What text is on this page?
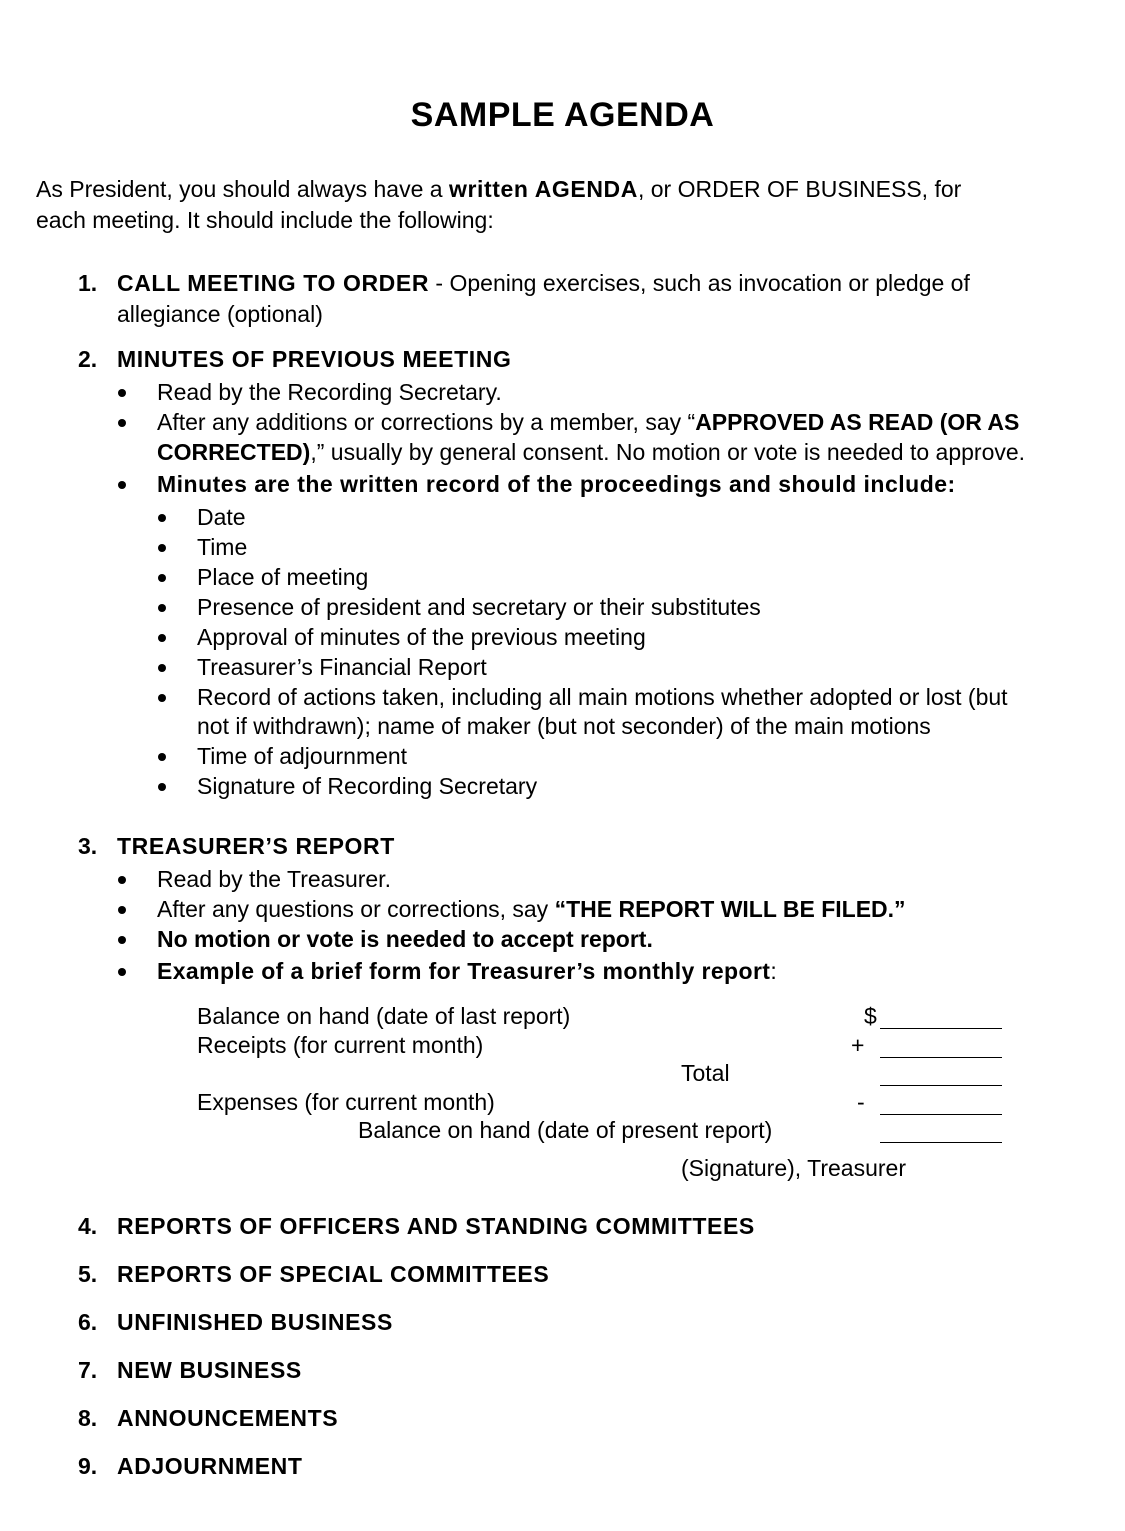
SAMPLE AGENDA
As President, you should always have a written AGENDA, or ORDER OF BUSINESS, for
each meeting. It should include the following:
1. CALL MEETING TO ORDER - Opening exercises, such as invocation or pledge of
allegiance (optional)
2. MINUTES OF PREVIOUS MEETING
Read by the Recording Secretary.
After any additions or corrections by a member, say “APPROVED AS READ (OR AS
CORRECTED),” usually by general consent. No motion or vote is needed to approve.
Minutes are the written record of the proceedings and should include:
Date
Time
Place of meeting
Presence of president and secretary or their substitutes
Approval of minutes of the previous meeting
Treasurer’s Financial Report
Record of actions taken, including all main motions whether adopted or lost (but
not if withdrawn); name of maker (but not seconder) of the main motions
Time of adjournment
Signature of Recording Secretary
3. TREASURER’S REPORT
Read by the Treasurer.
After any questions or corrections, say “THE REPORT WILL BE FILED.”
No motion or vote is needed to accept report.
Example of a brief form for Treasurer’s monthly report:
Balance on hand (date of last report)	$
Receipts (for current month)	+
Total
Expenses (for current month)	-
Balance on hand (date of present report)
(Signature), Treasurer
4. REPORTS OF OFFICERS AND STANDING COMMITTEES
5. REPORTS OF SPECIAL COMMITTEES
6. UNFINISHED BUSINESS
7. NEW BUSINESS
8. ANNOUNCEMENTS
9. ADJOURNMENT
